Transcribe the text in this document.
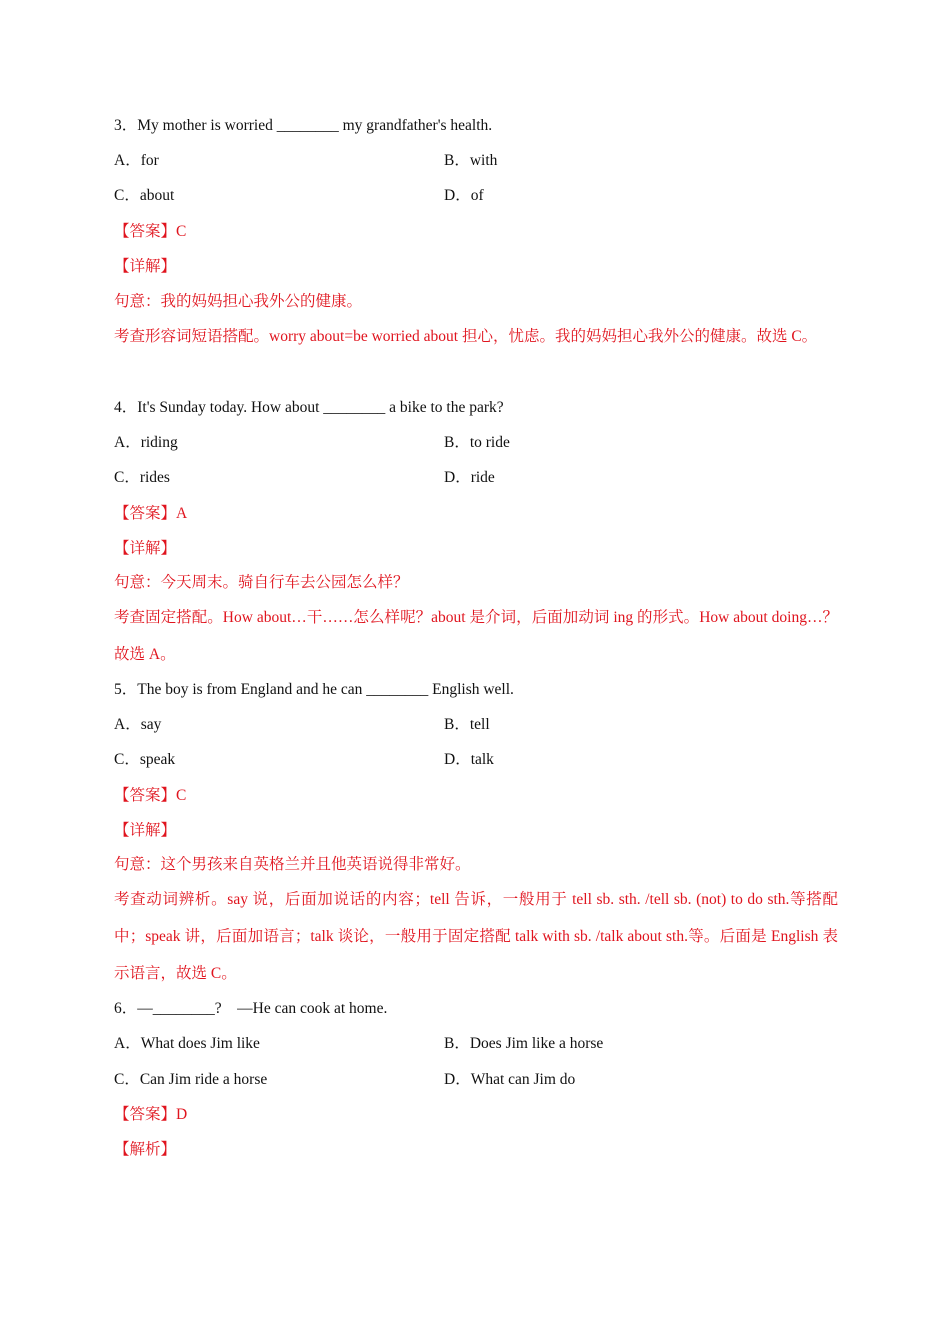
3．My mother is worried ________ my grandfather's health.
A．for	B．with
C．about	D．of
【答案】C
【详解】
句意：我的妈妈担心我外公的健康。
考查形容词短语搭配。worry about=be worried about 担心，忧虑。我的妈妈担心我外公的健康。故选 C。
4．It's Sunday today. How about ________ a bike to the park?
A．riding	B．to ride
C．rides	D．ride
【答案】A
【详解】
句意：今天周末。骑自行车去公园怎么样？
考查固定搭配。How about…干……怎么样呢？about 是介词，后面加动词 ing 的形式。How about doing…？故选 A。
5．The boy is from England and he can ________ English well.
A．say	B．tell
C．speak	D．talk
【答案】C
【详解】
句意：这个男孩来自英格兰并且他英语说得非常好。
考查动词辨析。say 说，后面加说话的内容；tell 告诉，一般用于 tell sb. sth. /tell sb. (not) to do sth.等搭配中；speak 讲，后面加语言；talk 谈论，一般用于固定搭配 talk with sb. /talk about sth.等。后面是 English 表示语言，故选 C。
6．—________?　—He can cook at home.
A．What does Jim like	B．Does Jim like a horse
C．Can Jim ride a horse	D．What can Jim do
【答案】D
【解析】
